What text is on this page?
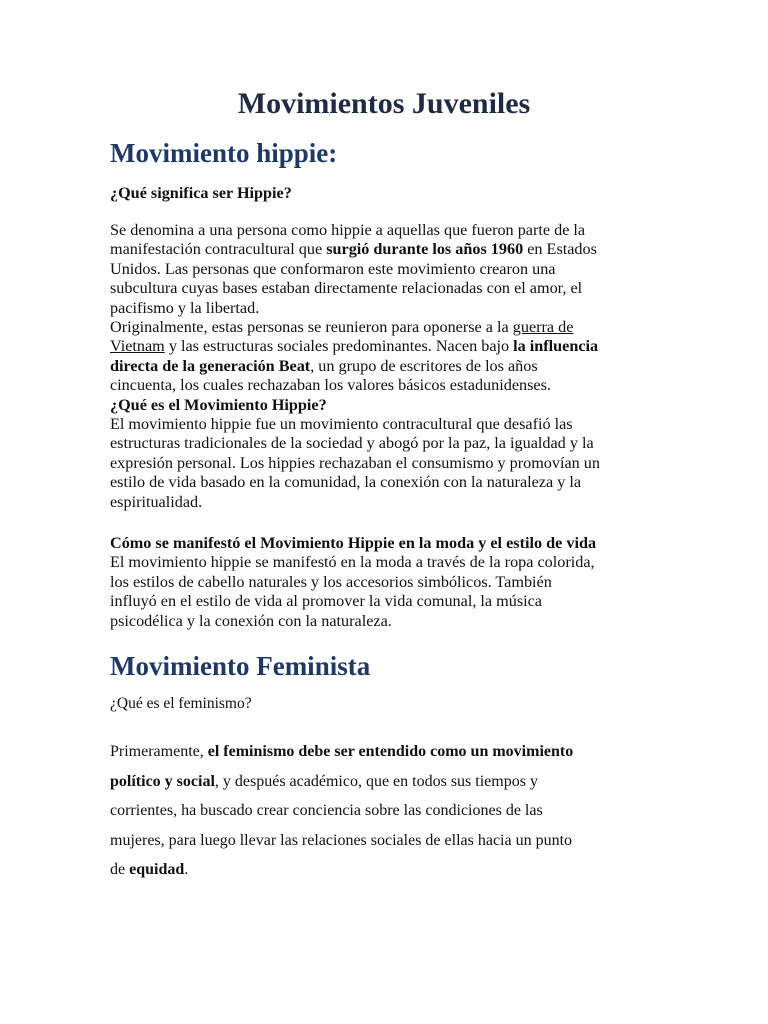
Movimientos Juveniles
Movimiento hippie:
¿Qué significa ser Hippie?
Se denomina a una persona como hippie a aquellas que fueron parte de la
manifestación contracultural que surgió durante los años 1960 en Estados
Unidos. Las personas que conformaron este movimiento crearon una
subcultura cuyas bases estaban directamente relacionadas con el amor, el
pacifismo y la libertad.
Originalmente, estas personas se reunieron para oponerse a la guerra de
Vietnam y las estructuras sociales predominantes. Nacen bajo la influencia
directa de la generación Beat, un grupo de escritores de los años
cincuenta, los cuales rechazaban los valores básicos estadunidenses.
¿Qué es el Movimiento Hippie?
El movimiento hippie fue un movimiento contracultural que desafió las
estructuras tradicionales de la sociedad y abogó por la paz, la igualdad y la
expresión personal. Los hippies rechazaban el consumismo y promovían un
estilo de vida basado en la comunidad, la conexión con la naturaleza y la
espiritualidad.
Cómo se manifestó el Movimiento Hippie en la moda y el estilo de vida
El movimiento hippie se manifestó en la moda a través de la ropa colorida,
los estilos de cabello naturales y los accesorios simbólicos. También
influyó en el estilo de vida al promover la vida comunal, la música
psicodélica y la conexión con la naturaleza.
Movimiento Feminista
¿Qué es el feminismo?
Primeramente, el feminismo debe ser entendido como un movimiento
político y social, y después académico, que en todos sus tiempos y
corrientes, ha buscado crear conciencia sobre las condiciones de las
mujeres, para luego llevar las relaciones sociales de ellas hacia un punto
de equidad.
